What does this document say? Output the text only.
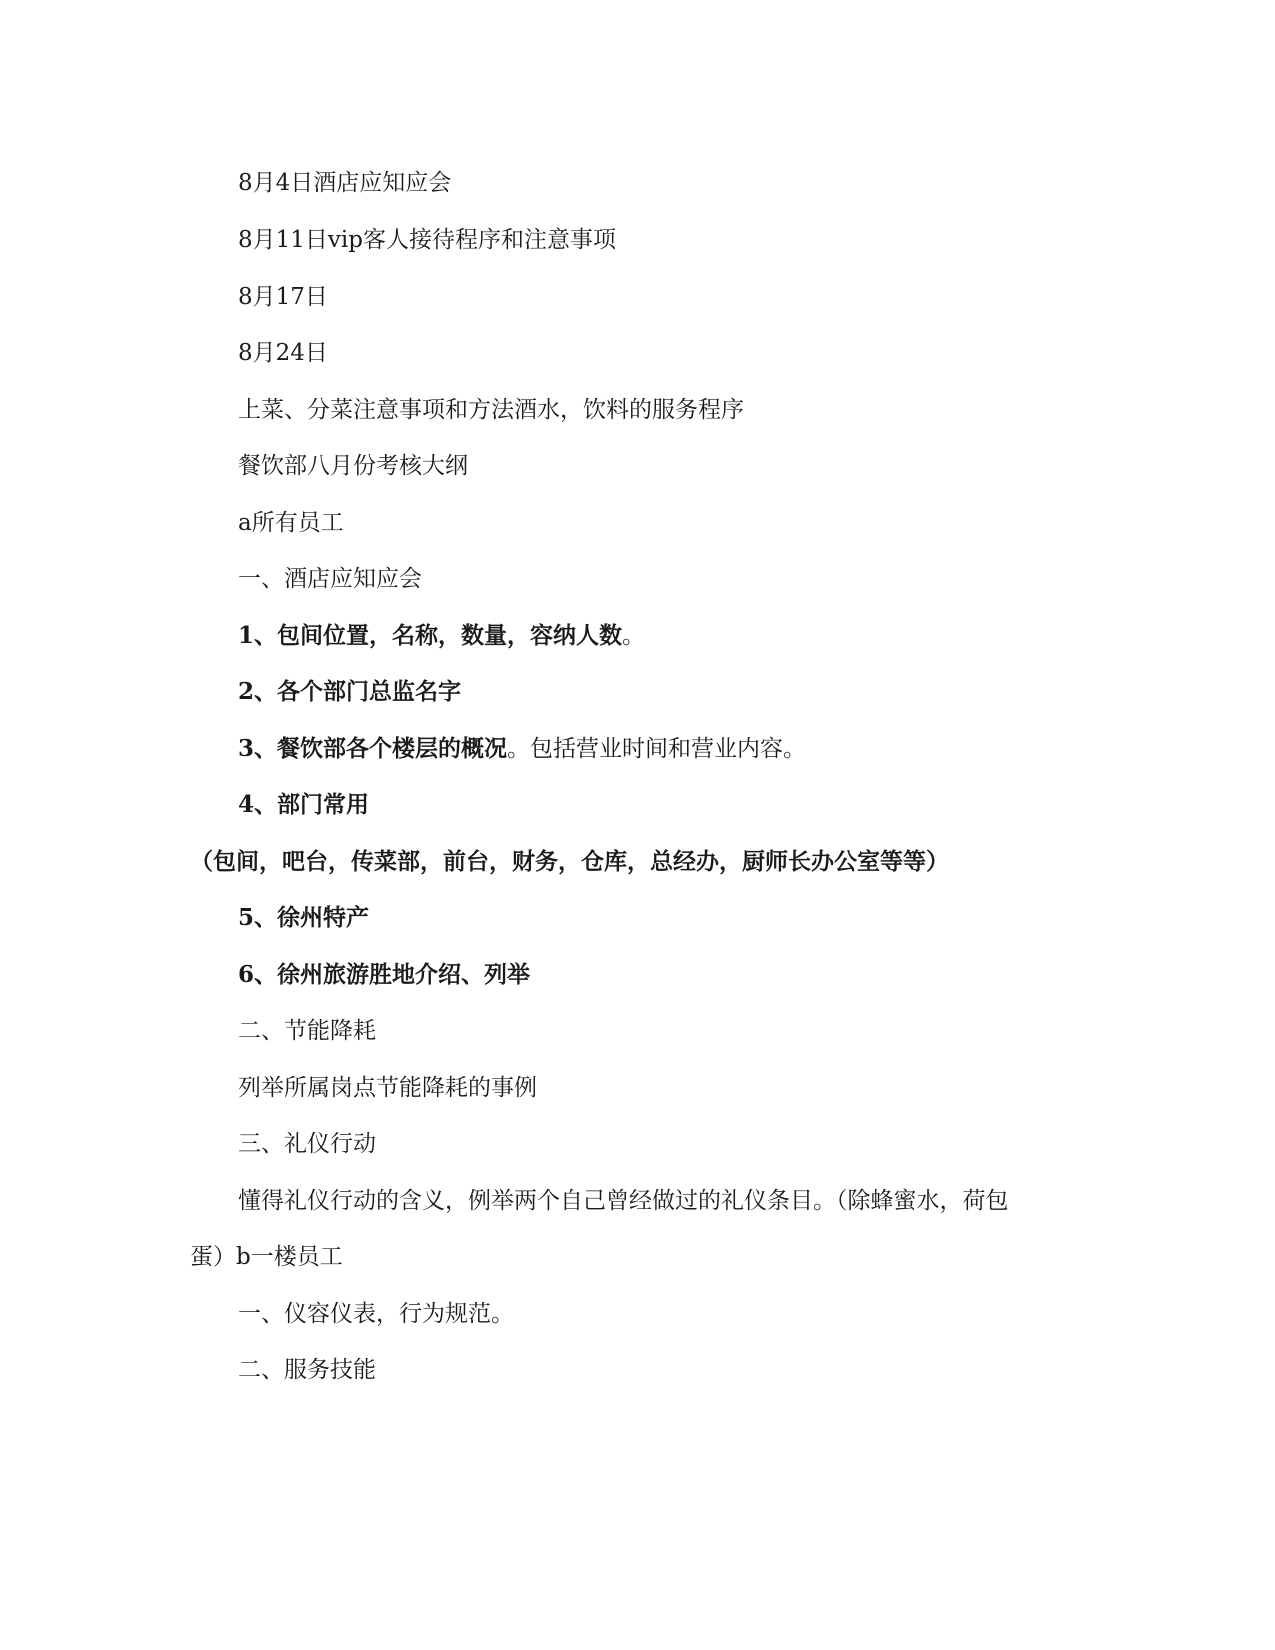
8月4日酒店应知应会
8月11日vip客人接待程序和注意事项
8月17日
8月24日
上菜、分菜注意事项和方法酒水，饮料的服务程序
餐饮部八月份考核大纲
a所有员工
一、酒店应知应会
1、包间位置，名称，数量，容纳人数。
2、各个部门总监名字
3、餐饮部各个楼层的概况。包括营业时间和营业内容。
4、部门常用
（包间，吧台，传菜部，前台，财务，仓库，总经办，厨师长办公室等等）
5、徐州特产
6、徐州旅游胜地介绍、列举
二、节能降耗
列举所属岗点节能降耗的事例
三、礼仪行动
懂得礼仪行动的含义，例举两个自己曾经做过的礼仪条目。（除蜂蜜水，荷包
蛋）b一楼员工
一、仪容仪表，行为规范。
二、服务技能
